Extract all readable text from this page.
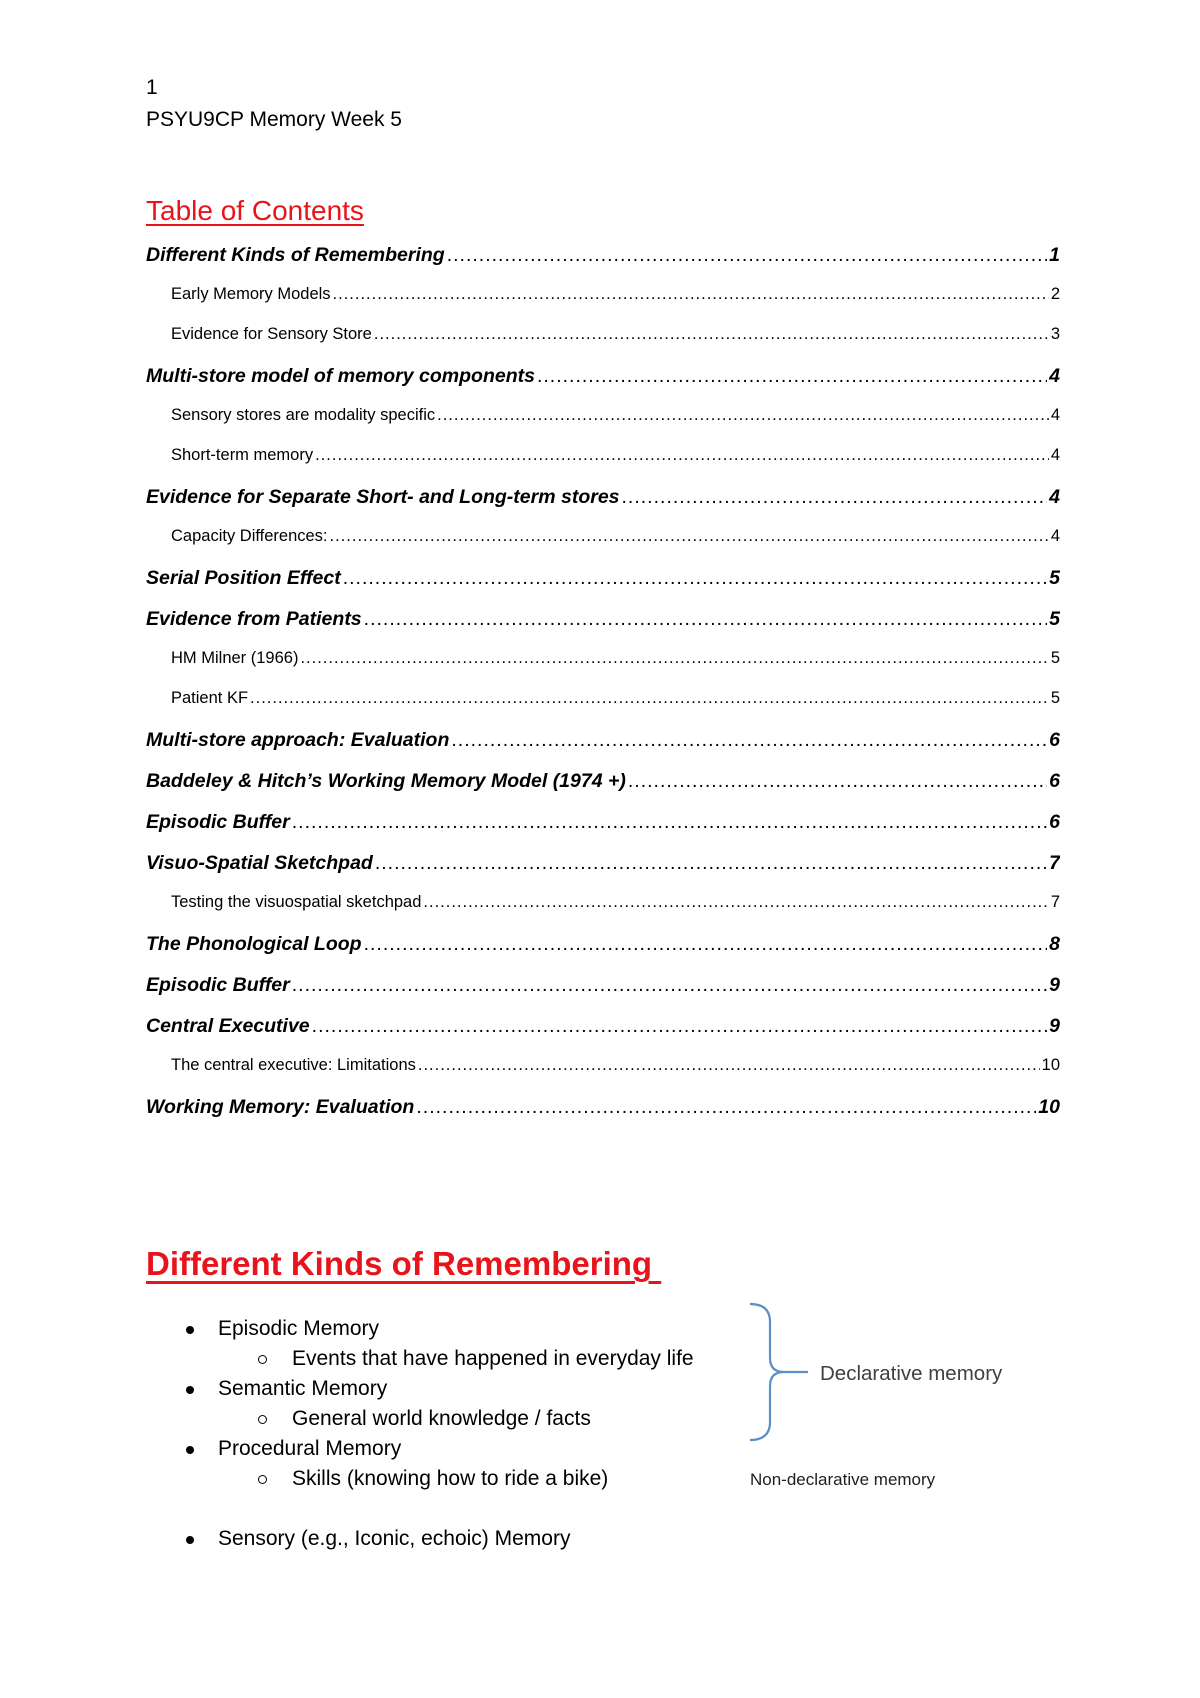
1
PSYU9CP Memory Week 5
Table of Contents
Different Kinds of Remembering .....	1
Early Memory Models .....	2
Evidence for Sensory Store .....	3
Multi-store model of memory components .....	4
Sensory stores are modality specific .....	4
Short-term memory .....	4
Evidence for Separate Short- and Long-term stores .....	4
Capacity Differences: .....	4
Serial Position Effect .....	5
Evidence from Patients .....	5
HM Milner (1966) .....	5
Patient KF .....	5
Multi-store approach: Evaluation .....	6
Baddeley & Hitch’s Working Memory Model (1974 +) .....	6
Episodic Buffer .....	6
Visuo-Spatial Sketchpad .....	7
Testing the visuospatial sketchpad .....	7
The Phonological Loop .....	8
Episodic Buffer .....	9
Central Executive .....	9
The central executive: Limitations .....	10
Working Memory: Evaluation .....	10
Different Kinds of Remembering
Episodic Memory
Events that have happened in everyday life
Semantic Memory
General world knowledge / facts
Procedural Memory
Skills (knowing how to ride a bike)
Sensory (e.g., Iconic, echoic) Memory
Declarative memory
Non-declarative memory
